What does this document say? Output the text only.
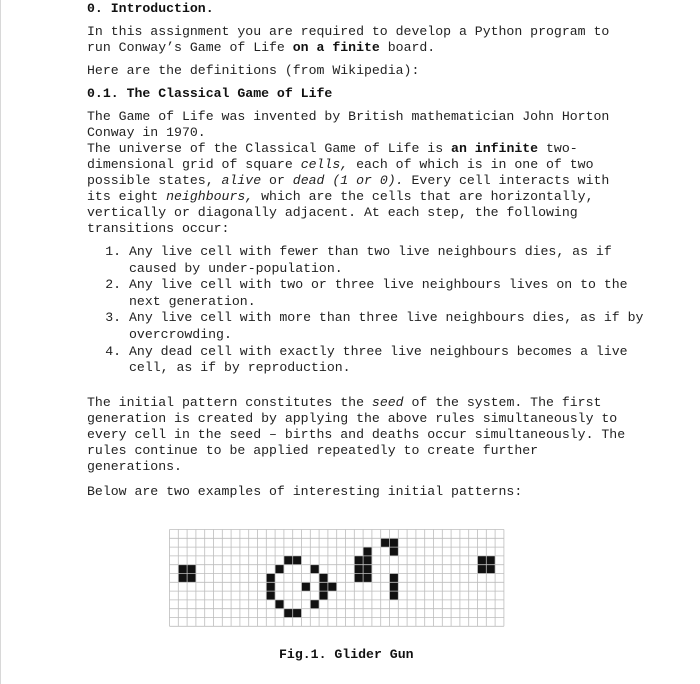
0. Introduction.

In this assignment you are required to develop a Python program to run Conway’s Game of Life on a finite board.

Here are the definitions (from Wikipedia):

0.1. The Classical Game of Life

The Game of Life was invented by British mathematician John Horton Conway in 1970.
The universe of the Classical Game of Life is an infinite two-dimensional grid of square cells, each of which is in one of two possible states, alive or dead (1 or 0). Every cell interacts with its eight neighbours, which are the cells that are horizontally, vertically or diagonally adjacent. At each step, the following transitions occur:

1. Any live cell with fewer than two live neighbours dies, as if caused by under-population.
2. Any live cell with two or three live neighbours lives on to the next generation.
3. Any live cell with more than three live neighbours dies, as if by overcrowding.
4. Any dead cell with exactly three live neighbours becomes a live cell, as if by reproduction.

The initial pattern constitutes the seed of the system. The first generation is created by applying the above rules simultaneously to every cell in the seed – births and deaths occur simultaneously. The rules continue to be applied repeatedly to create further generations.

Below are two examples of interesting initial patterns:

Fig.1. Glider Gun
